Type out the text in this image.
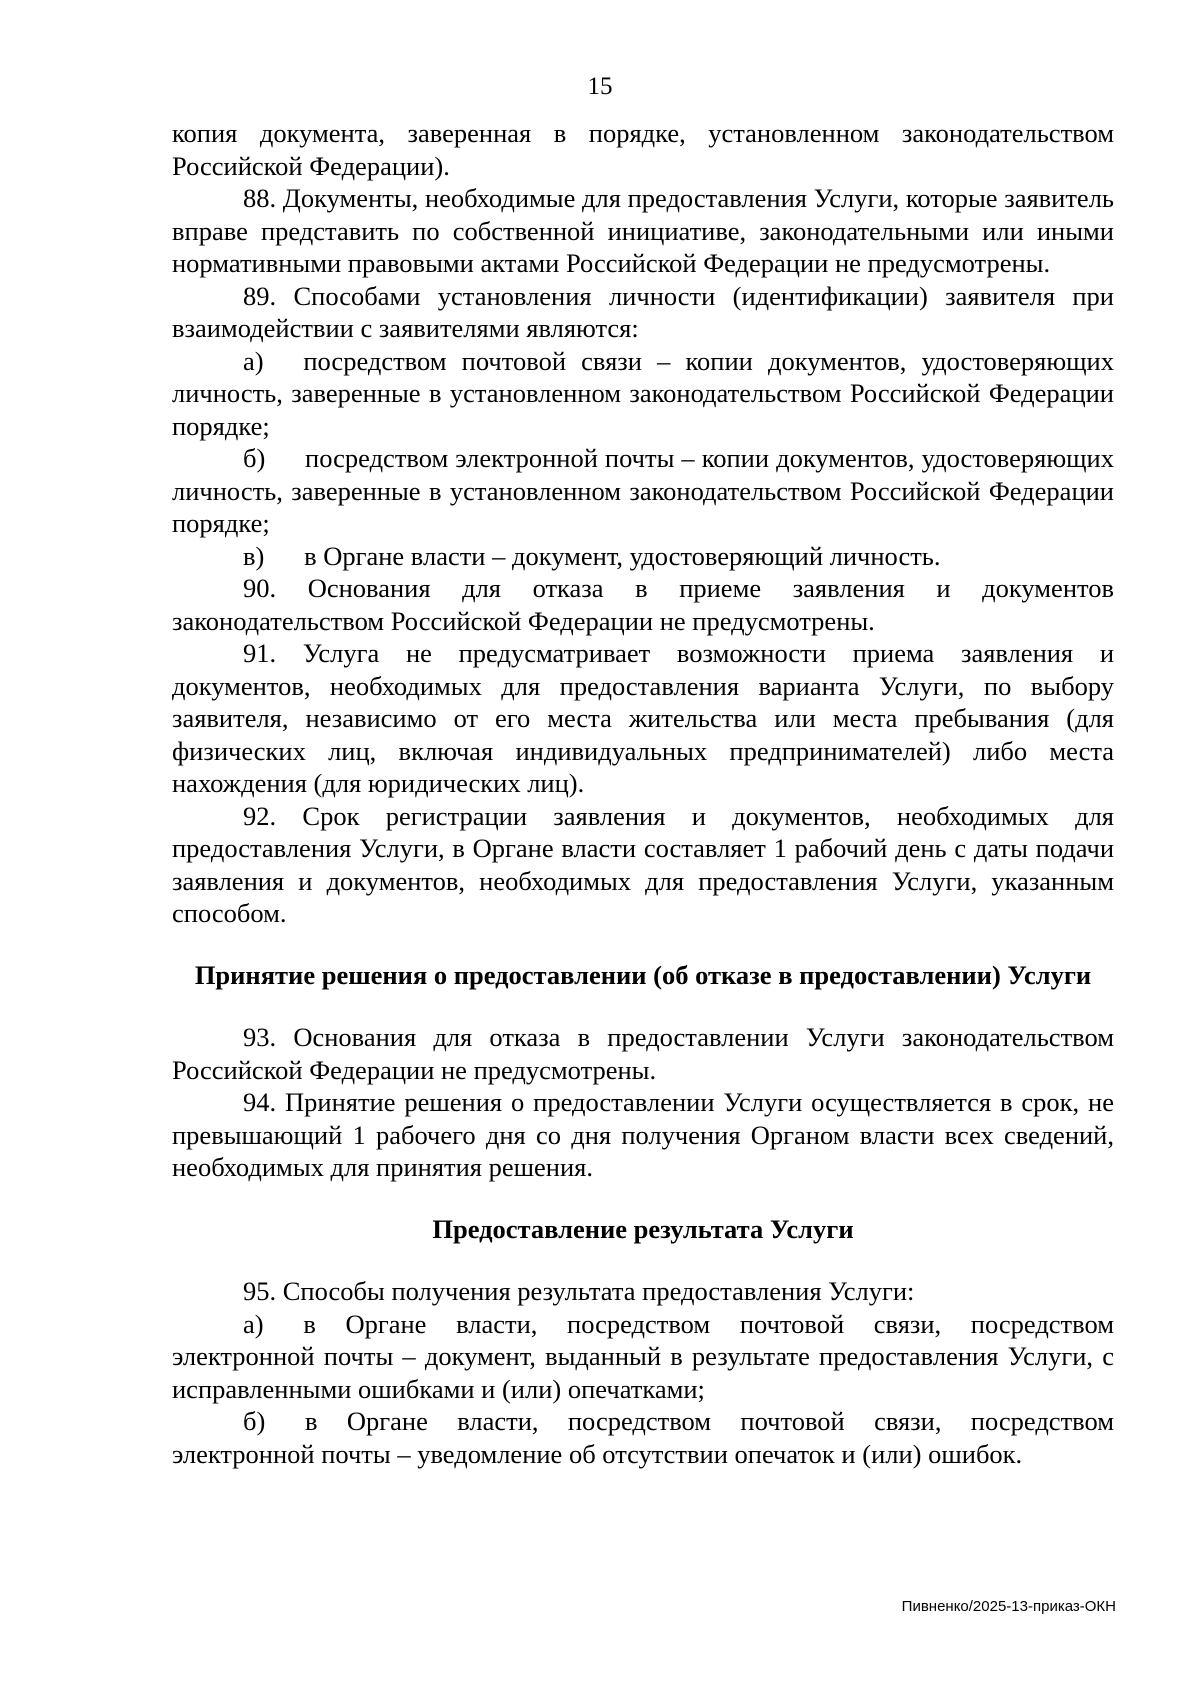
15

копия документа, заверенная в порядке, установленном законодательством Российской Федерации).

88. Документы, необходимые для предоставления Услуги, которые заявитель вправе представить по собственной инициативе, законодательными или иными нормативными правовыми актами Российской Федерации не предусмотрены.

89. Способами установления личности (идентификации) заявителя при взаимодействии с заявителями являются:

а)  посредством почтовой связи – копии документов, удостоверяющих личность, заверенные в установленном законодательством Российской Федерации порядке;

б)  посредством электронной почты – копии документов, удостоверяющих личность, заверенные в установленном законодательством Российской Федерации порядке;

в)  в Органе власти – документ, удостоверяющий личность.

90. Основания для отказа в приеме заявления и документов законодательством Российской Федерации не предусмотрены.

91. Услуга не предусматривает возможности приема заявления и документов, необходимых для предоставления варианта Услуги, по выбору заявителя, независимо от его места жительства или места пребывания (для физических лиц, включая индивидуальных предпринимателей) либо места нахождения (для юридических лиц).

92. Срок регистрации заявления и документов, необходимых для предоставления Услуги, в Органе власти составляет 1 рабочий день с даты подачи заявления и документов, необходимых для предоставления Услуги, указанным способом.

Принятие решения о предоставлении (об отказе в предоставлении) Услуги

93. Основания для отказа в предоставлении Услуги законодательством Российской Федерации не предусмотрены.

94. Принятие решения о предоставлении Услуги осуществляется в срок, не превышающий 1 рабочего дня со дня получения Органом власти всех сведений, необходимых для принятия решения.

Предоставление результата Услуги

95. Способы получения результата предоставления Услуги:

а)  в Органе власти, посредством почтовой связи, посредством электронной почты – документ, выданный в результате предоставления Услуги, с исправленными ошибками и (или) опечатками;

б)  в Органе власти, посредством почтовой связи, посредством электронной почты – уведомление об отсутствии опечаток и (или) ошибок.

Пивненко/2025-13-приказ-ОКН
